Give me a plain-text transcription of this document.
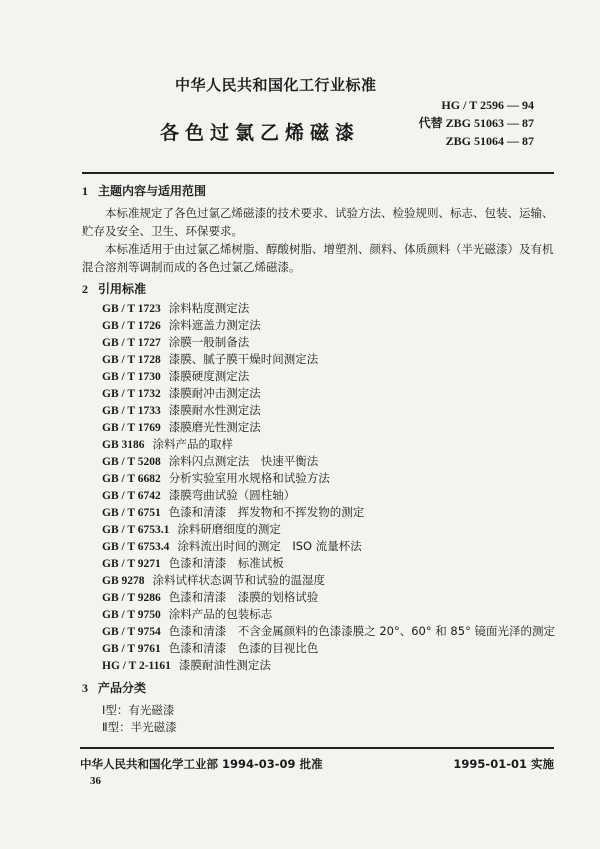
中华人民共和国化工行业标准
各色过氯乙烯磁漆
HG / T 2596 — 94
代替 ZBG 51063 — 87
ZBG 51064 — 87
1 主题内容与适用范围

本标准规定了各色过氯乙烯磁漆的技术要求、试验方法、检验规则、标志、包装、运输、贮存及安全、卫生、环保要求。

本标准适用于由过氯乙烯树脂、醇酸树脂、增塑剂、颜料、体质颜料（半光磁漆）及有机混合溶剂等调制而成的各色过氯乙烯磁漆。

2 引用标准
GB / T 1723 涂料粘度测定法
GB / T 1726 涂料遮盖力测定法
GB / T 1727 涂膜一般制备法
GB / T 1728 漆膜、腻子膜干燥时间测定法
GB / T 1730 漆膜硬度测定法
GB / T 1732 漆膜耐冲击测定法
GB / T 1733 漆膜耐水性测定法
GB / T 1769 漆膜磨光性测定法
GB 3186 涂料产品的取样
GB / T 5208 涂料闪点测定法　快速平衡法
GB / T 6682 分析实验室用水规格和试验方法
GB / T 6742 漆膜弯曲试验（圆柱轴）
GB / T 6751 色漆和清漆　挥发物和不挥发物的测定
GB / T 6753.1 涂料研磨细度的测定
GB / T 6753.4 涂料流出时间的测定　ISO 流量杯法
GB / T 9271 色漆和清漆　标准试板
GB 9278 涂料试样状态调节和试验的温湿度
GB / T 9286 色漆和清漆　漆膜的划格试验
GB / T 9750 涂料产品的包装标志
GB / T 9754 色漆和清漆　不含金属颜料的色漆漆膜之 20°、60° 和 85° 镜面光泽的测定
GB / T 9761 色漆和清漆　色漆的目视比色
HG / T 2-1161 漆膜耐油性测定法
3 产品分类
Ⅰ型：有光磁漆
Ⅱ型：半光磁漆
中华人民共和国化学工业部 1994-03-09 批准	1995-01-01 实施
36
